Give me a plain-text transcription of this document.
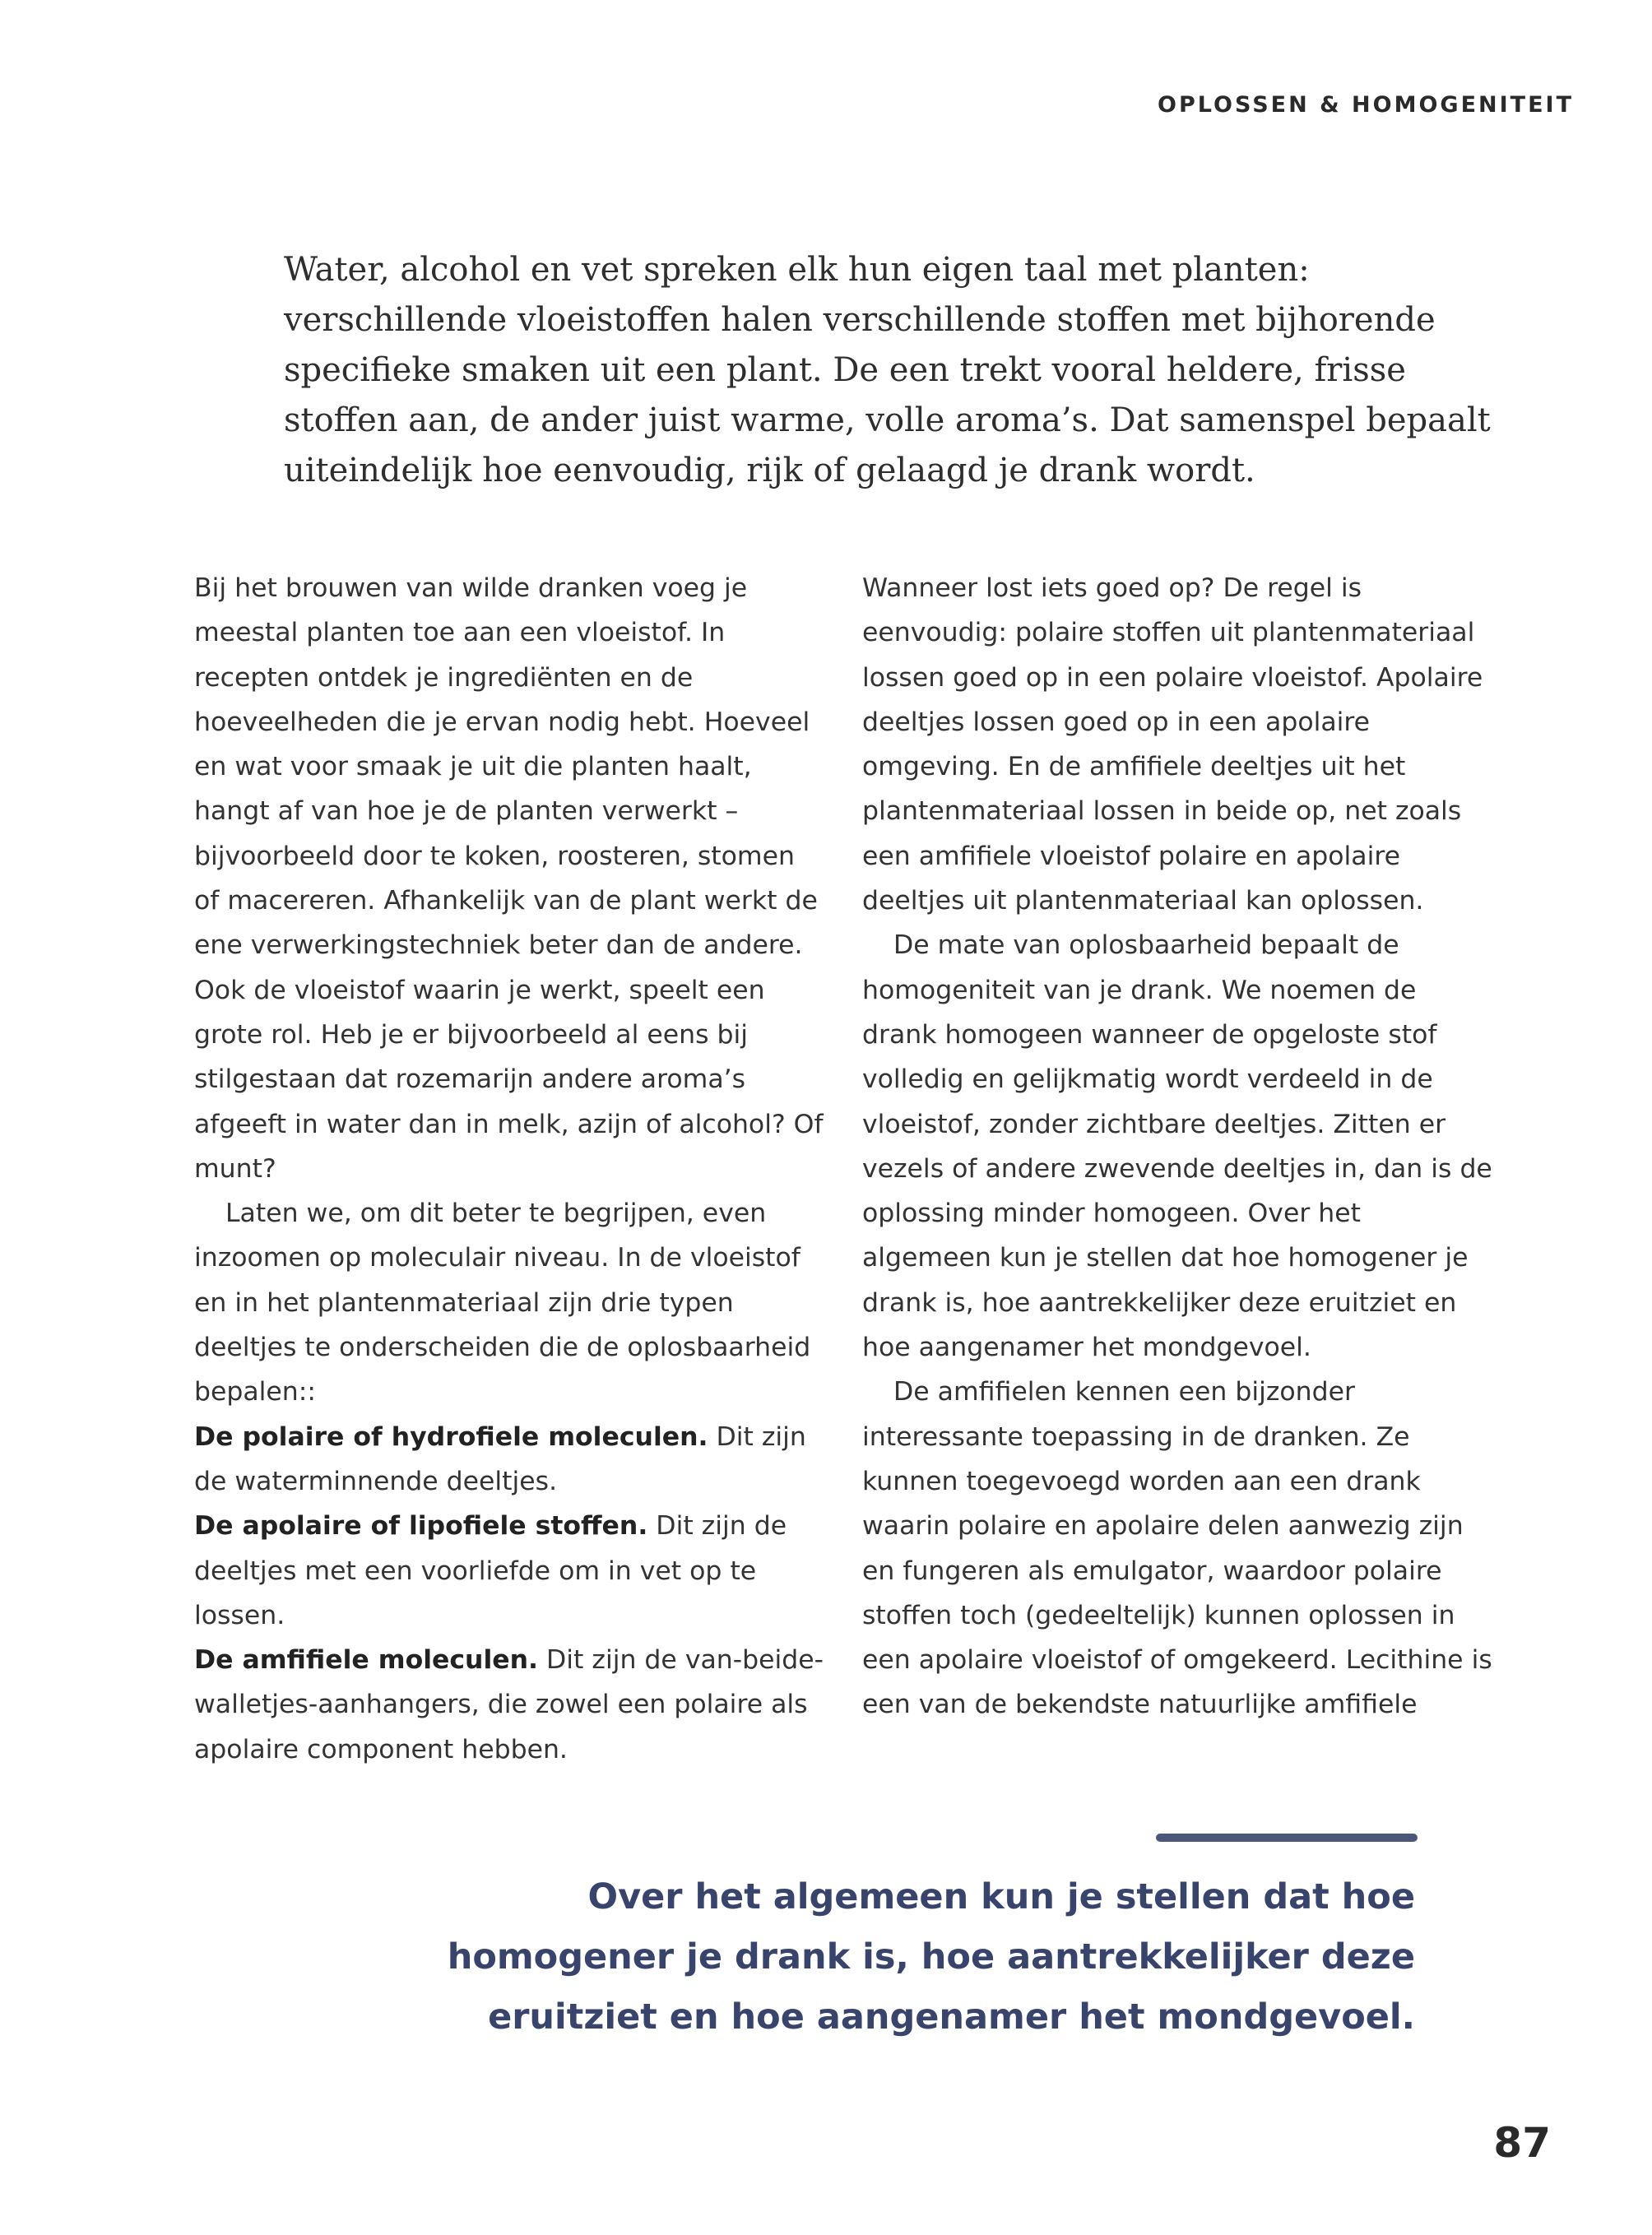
OPLOSSEN & HOMOGENITEIT

Water, alcohol en vet spreken elk hun eigen taal met planten: verschillende vloeistoffen halen verschillende stoffen met bijhorende specifieke smaken uit een plant. De een trekt vooral heldere, frisse stoffen aan, de ander juist warme, volle aroma’s. Dat samenspel bepaalt uiteindelijk hoe eenvoudig, rijk of gelaagd je drank wordt.

Bij het brouwen van wilde dranken voeg je meestal planten toe aan een vloeistof. In recepten ontdek je ingrediënten en de hoeveelheden die je ervan nodig hebt. Hoeveel en wat voor smaak je uit die planten haalt, hangt af van hoe je de planten verwerkt – bijvoorbeeld door te koken, roosteren, stomen of macereren. Afhankelijk van de plant werkt de ene verwerkingstechniek beter dan de andere. Ook de vloeistof waarin je werkt, speelt een grote rol. Heb je er bijvoorbeeld al eens bij stilgestaan dat rozemarijn andere aroma’s afgeeft in water dan in melk, azijn of alcohol? Of munt?

Laten we, om dit beter te begrijpen, even inzoomen op moleculair niveau. In de vloeistof en in het plantenmateriaal zijn drie typen deeltjes te onderscheiden die de oplosbaarheid bepalen::

De polaire of hydrofiele moleculen. Dit zijn de waterminnende deeltjes.

De apolaire of lipofiele stoffen. Dit zijn de deeltjes met een voorliefde om in vet op te lossen.

De amfifiele moleculen. Dit zijn de van-beide-walletjes-aanhangers, die zowel een polaire als apolaire component hebben.

Wanneer lost iets goed op? De regel is eenvoudig: polaire stoffen uit plantenmateriaal lossen goed op in een polaire vloeistof. Apolaire deeltjes lossen goed op in een apolaire omgeving. En de amfifiele deeltjes uit het plantenmateriaal lossen in beide op, net zoals een amfifiele vloeistof polaire en apolaire deeltjes uit plantenmateriaal kan oplossen.

De mate van oplosbaarheid bepaalt de homogeniteit van je drank. We noemen de drank homogeen wanneer de opgeloste stof volledig en gelijkmatig wordt verdeeld in de vloeistof, zonder zichtbare deeltjes. Zitten er vezels of andere zwevende deeltjes in, dan is de oplossing minder homogeen. Over het algemeen kun je stellen dat hoe homogener je drank is, hoe aantrekkelijker deze eruitziet en hoe aangenamer het mondgevoel.

De amfifielen kennen een bijzonder interessante toepassing in de dranken. Ze kunnen toegevoegd worden aan een drank waarin polaire en apolaire delen aanwezig zijn en fungeren als emulgator, waardoor polaire stoffen toch (gedeeltelijk) kunnen oplossen in een apolaire vloeistof of omgekeerd. Lecithine is een van de bekendste natuurlijke amfifiele

Over het algemeen kun je stellen dat hoe
homogener je drank is, hoe aantrekkelijker deze
eruitziet en hoe aangenamer het mondgevoel.

87
